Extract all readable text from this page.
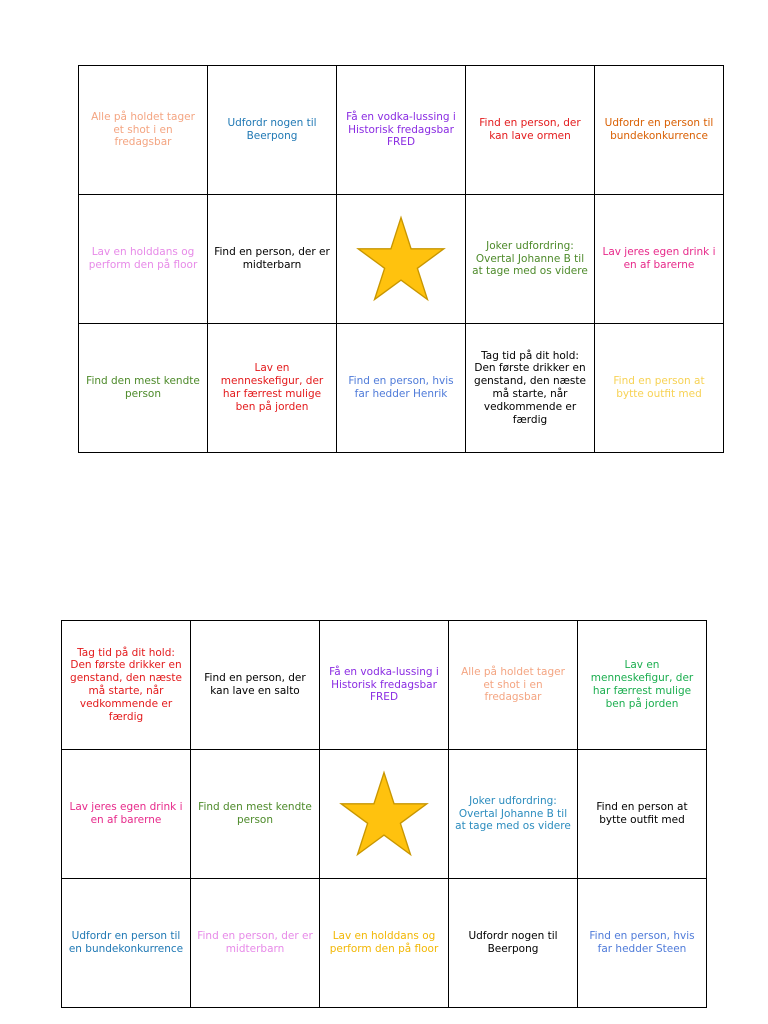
Alle på holdet tager et shot i en fredagsbar	Udfordr nogen til Beerpong	Få en vodka-lussing i Historisk fredagsbar FRED	Find en person, der kan lave ormen	Udfordr en person til bundekonkurrence
Lav en holddans og perform den på floor	Find en person, der er midterbarn		Joker udfordring: Overtal Johanne B til at tage med os videre	Lav jeres egen drink i en af barerne
Find den mest kendte person	Lav en menneskefigur, der har færrest mulige ben på jorden	Find en person, hvis far hedder Henrik	Tag tid på dit hold: Den første drikker en genstand, den næste må starte, når vedkommende er færdig	Find en person at bytte outfit med
Tag tid på dit hold: Den første drikker en genstand, den næste må starte, når vedkommende er færdig	Find en person, der kan lave en salto	Få en vodka-lussing i Historisk fredagsbar FRED	Alle på holdet tager et shot i en fredagsbar	Lav en menneskefigur, der har færrest mulige ben på jorden
Lav jeres egen drink i en af barerne	Find den mest kendte person		Joker udfordring: Overtal Johanne B til at tage med os videre	Find en person at bytte outfit med
Udfordr en person til en bundekonkurrence	Find en person, der er midterbarn	Lav en holddans og perform den på floor	Udfordr nogen til Beerpong	Find en person, hvis far hedder Steen
